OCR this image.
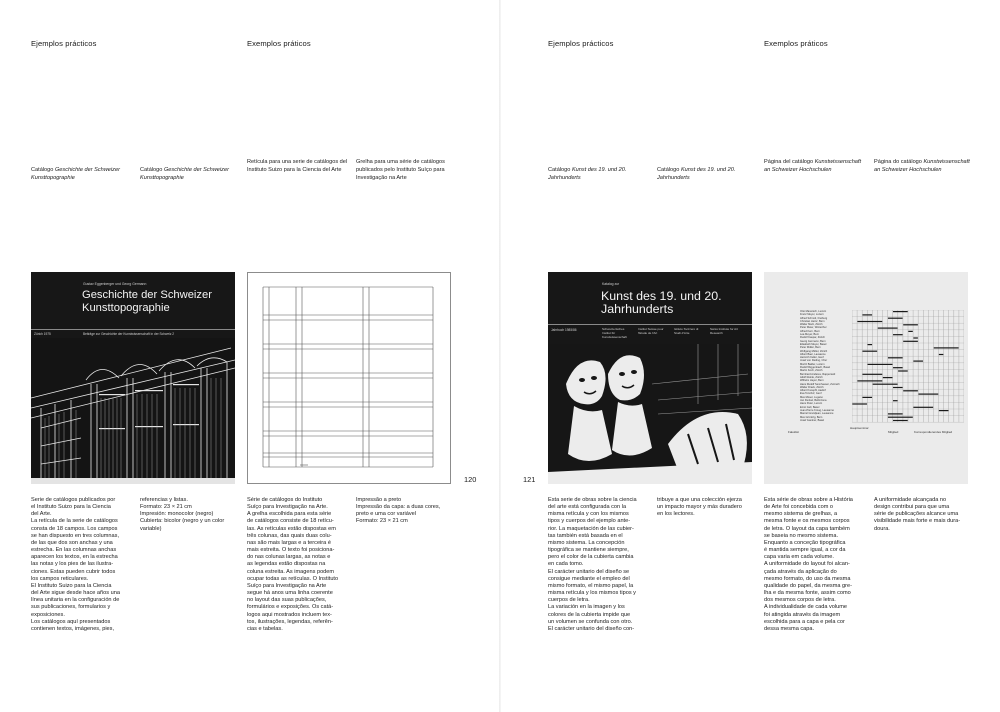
Ejemplos prácticos	Exemplos práticos	Ejemplos prácticos	Exemplos práticos
Catálogo Geschichte der Schweizer Kunsttopographie
Catálogo Geschichte der Schweizer Kunsttopographie
Retícula para una serie de catálogos del Instituto Suizo para la Ciencia del Arte
Grelha para uma série de catálogos publicados pelo Instituto Suíço para Investigação na Arte
Catálogo Kunst des 19. und 20. Jahrhunderts
Catálogo Kunst des 19. und 20. Jahrhunderts
Página del catálogo Kunstwissenschaft an Schweizer Hochschulen
Página do catálogo Kunstwissenschaft an Schweizer Hochschulen
Gustav Eggenberger und Georg Germann
Geschichte der Schweizer Kunsttopographie
Zürich 1975	Beiträge zur Geschichte der Kunstwissenschaft in der Schweiz 2
120	121
Katalog zur
Kunst des 19. und 20. Jahrhunderts
Jahrbuch 1985/86	Schweizerisches Institut für Kunstwissenschaft
Institut Suisse pour l'Etude de l'Art
Istituto Svizzero di Studi d'Arte
Swiss Institute for Art Research
Otto Manetsch, Luzern
Franz Meyer, Luzern
Alfred Schmid, Freiburg
Christian Heinz, Bern
Walter Marti, Zürich
Peter Meier, Winterthur
Alfred Kern, Bern
Lea Meyer, Bern
Rudolf Kaspar, Zürich
Georg Germann, Bern
Elisabeth Meyer, Basel
Peter Müller, Bern
Wolfgang Müller, Zürich
Albert Baer, Lausanne
Heinrich Keller, Genf
Josef von Reding, Chur
Moritz Balder, Luzern
Rudolf Riggenbach, Basel
Martin Koch, Zürich
Bernhard Anderes, Rapperswil
Adolf Reinle, Zürich
Wilhelm Heyer, Bern
Hans Rudolf Sennhauser, Zurzach
Walter Drack, Zürich
Albert Knoepfli, Aadorf
Eva Tonnhof, Genf
Max Moser, Lugano
Jan Dunkel, Bellinzona
Hans Peter, Luzern
Ernst Gull, Basel
Jean-Pierre Kroug, Lausanne
Marcel Grandjean, Lausanne
Max Grüntzig, Bern
Josef Gantner, Basel
Fakultät
Hauptseminar
Mitglied	Korrespondierendes Mitglied
Serie de catálogos publicados por
el Instituto Suizo para la Ciencia
del Arte.
La retícula de la serie de catálogos
consta de 18 campos. Los campos
se han dispuesto en tres columnas,
de las que dos son anchas y una
estrecha. En las columnas anchas
aparecen los textos, en la estrecha
las notas y los pies de las ilustra-
ciones. Estas pueden cubrir todos
los campos reticulares.
El Instituto Suizo para la Ciencia
del Arte sigue desde hace años una
línea unitaria en la configuración de
sus publicaciones, formularios y
exposiciones.
Los catálogos aquí presentados
contienen textos, imágenes, pies,
referencias y listas.
Formato: 23 × 21 cm
Impresión: monocolor (negro)
Cubierta: bicolor (negro y un color
variable)
Série de catálogos do Instituto
Suíço para Investigação na Arte.
A grelha escolhida para esta série
de catálogos consiste de 18 retícu-
las. As retículas estão dispostas em
três colunas, das quais duas colu-
nas são mais largas e a terceira é
mais estreita. O texto foi posiciona-
do nas colunas largas, as notas e
as legendas estão dispostas na
coluna estreita. As imagens podem
ocupar todas as retículas. O Instituto
Suíço para Investigação na Arte
segue há anos uma linha coerente
no layout das suas publicações,
formulários e exposições. Os catá-
logos aqui mostrados incluem tex-
tos, ilustrações, legendas, referên-
cias e tabelas.
Impressão a preto
Impressão da capa: a duas cores,
preto e uma cor variável
Formato: 23 × 21 cm
Esta serie de obras sobre la ciencia
del arte está configurada con la
misma retícula y con los mismos
tipos y cuerpos del ejemplo ante-
rior. La maquetación de las cubier-
tas también está basada en el
mismo sistema. La concepción
tipográfica se mantiene siempre,
pero el color de la cubierta cambia
en cada tomo.
El carácter unitario del diseño se
consigue mediante el empleo del
mismo formato, el mismo papel, la
misma retícula y los mismos tipos y
cuerpos de letra.
La variación en la imagen y los
colores de la cubierta impide que
un volumen se confunda con otro.
El carácter unitario del diseño con-
tribuye a que una colección ejerza
un impacto mayor y más duradero
en los lectores.
Esta série de obras sobre a História
de Arte foi concebida com o
mesmo sistema de grelhas, a
mesma fonte e os mesmos corpos
de letra. O layout da capa também
se baseia no mesmo sistema.
Enquanto a conceção tipográfica
é mantida sempre igual, a cor da
capa varia em cada volume.
A uniformidade do layout foi alcan-
çada através da aplicação do
mesmo formato, do uso da mesma
qualidade do papel, da mesma gre-
lha e da mesma fonte, assim como
dos mesmos corpos de letra.
A individualidade de cada volume
foi atingida através da imagem
escolhida para a capa e pela cor
dessa mesma capa.
A uniformidade alcançada no
design contribui para que uma
série de publicações alcance uma
visibilidade mais forte e mais dura-
doura.
